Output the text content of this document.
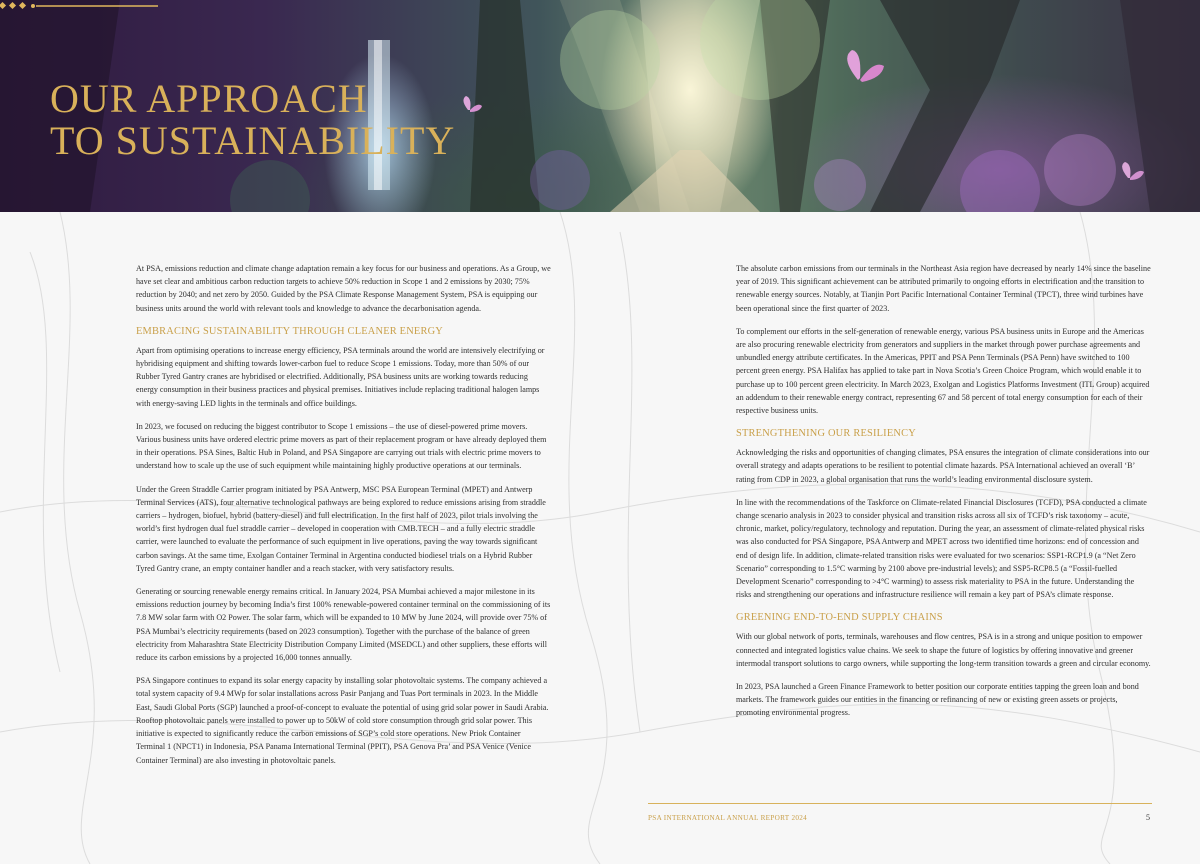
OUR APPROACH
TO SUSTAINABILITY

At PSA, emissions reduction and climate change adaptation remain a key focus for our business and operations. As a Group, we have set clear and ambitious carbon reduction targets to achieve 50% reduction in Scope 1 and 2 emissions by 2030; 75% reduction by 2040; and net zero by 2050. Guided by the PSA Climate Response Management System, PSA is equipping our business units around the world with relevant tools and knowledge to advance the decarbonisation agenda.

EMBRACING SUSTAINABILITY THROUGH CLEANER ENERGY

Apart from optimising operations to increase energy efficiency, PSA terminals around the world are intensively electrifying or hybridising equipment and shifting towards lower-carbon fuel to reduce Scope 1 emissions. Today, more than 50% of our Rubber Tyred Gantry cranes are hybridised or electrified. Additionally, PSA business units are working towards reducing energy consumption in their business practices and physical premises. Initiatives include replacing traditional halogen lamps with energy-saving LED lights in the terminals and office buildings.

In 2023, we focused on reducing the biggest contributor to Scope 1 emissions – the use of diesel-powered prime movers. Various business units have ordered electric prime movers as part of their replacement program or have already deployed them in their operations. PSA Sines, Baltic Hub in Poland, and PSA Singapore are carrying out trials with electric prime movers to understand how to scale up the use of such equipment while maintaining highly productive operations at our terminals.

Under the Green Straddle Carrier program initiated by PSA Antwerp, MSC PSA European Terminal (MPET) and Antwerp Terminal Services (ATS), four alternative technological pathways are being explored to reduce emissions arising from straddle carriers – hydrogen, biofuel, hybrid (battery-diesel) and full electrification. In the first half of 2023, pilot trials involving the world’s first hydrogen dual fuel straddle carrier – developed in cooperation with CMB.TECH – and a fully electric straddle carrier, were launched to evaluate the performance of such equipment in live operations, paving the way towards significant carbon savings. At the same time, Exolgan Container Terminal in Argentina conducted biodiesel trials on a Hybrid Rubber Tyred Gantry crane, an empty container handler and a reach stacker, with very satisfactory results.

Generating or sourcing renewable energy remains critical. In January 2024, PSA Mumbai achieved a major milestone in its emissions reduction journey by becoming India’s first 100% renewable-powered container terminal on the commissioning of its 7.8 MW solar farm with O2 Power. The solar farm, which will be expanded to 10 MW by June 2024, will provide over 75% of PSA Mumbai’s electricity requirements (based on 2023 consumption). Together with the purchase of the balance of green electricity from Maharashtra State Electricity Distribution Company Limited (MSEDCL) and other suppliers, these efforts will reduce its carbon emissions by a projected 16,000 tonnes annually.

PSA Singapore continues to expand its solar energy capacity by installing solar photovoltaic systems. The company achieved a total system capacity of 9.4 MWp for solar installations across Pasir Panjang and Tuas Port terminals in 2023. In the Middle East, Saudi Global Ports (SGP) launched a proof-of-concept to evaluate the potential of using grid solar power in Saudi Arabia. Rooftop photovoltaic panels were installed to power up to 50kW of cold store consumption through grid solar power. This initiative is expected to significantly reduce the carbon emissions of SGP’s cold store operations. New Priok Container Terminal 1 (NPCT1) in Indonesia, PSA Panama International Terminal (PPIT), PSA Genova Pra’ and PSA Venice (Venice Container Terminal) are also investing in photovoltaic panels.

The absolute carbon emissions from our terminals in the Northeast Asia region have decreased by nearly 14% since the baseline year of 2019. This significant achievement can be attributed primarily to ongoing efforts in electrification and the transition to renewable energy sources. Notably, at Tianjin Port Pacific International Container Terminal (TPCT), three wind turbines have been operational since the first quarter of 2023.

To complement our efforts in the self-generation of renewable energy, various PSA business units in Europe and the Americas are also procuring renewable electricity from generators and suppliers in the market through power purchase agreements and unbundled energy attribute certificates. In the Americas, PPIT and PSA Penn Terminals (PSA Penn) have switched to 100 percent green energy. PSA Halifax has applied to take part in Nova Scotia’s Green Choice Program, which would enable it to purchase up to 100 percent green electricity. In March 2023, Exolgan and Logistics Platforms Investment (ITL Group) acquired an addendum to their renewable energy contract, representing 67 and 58 percent of total energy consumption for each of their respective business units.

STRENGTHENING OUR RESILIENCY

Acknowledging the risks and opportunities of changing climates, PSA ensures the integration of climate considerations into our overall strategy and adapts operations to be resilient to potential climate hazards. PSA International achieved an overall ‘B’ rating from CDP in 2023, a global organisation that runs the world’s leading environmental disclosure system.

In line with the recommendations of the Taskforce on Climate-related Financial Disclosures (TCFD), PSA conducted a climate change scenario analysis in 2023 to consider physical and transition risks across all six of TCFD’s risk taxonomy – acute, chronic, market, policy/regulatory, technology and reputation. During the year, an assessment of climate-related physical risks was also conducted for PSA Singapore, PSA Antwerp and MPET across two identified time horizons: end of concession and end of design life. In addition, climate-related transition risks were evaluated for two scenarios: SSP1-RCP1.9 (a “Net Zero Scenario” corresponding to 1.5°C warming by 2100 above pre-industrial levels); and SSP5-RCP8.5 (a “Fossil-fuelled Development Scenario” corresponding to >4°C warming) to assess risk materiality to PSA in the future. Understanding the risks and strengthening our operations and infrastructure resilience will remain a key part of PSA’s climate response.

GREENING END-TO-END SUPPLY CHAINS

With our global network of ports, terminals, warehouses and flow centres, PSA is in a strong and unique position to empower connected and integrated logistics value chains. We seek to shape the future of logistics by offering innovative and greener intermodal transport solutions to cargo owners, while supporting the long-term transition towards a green and circular economy.

In 2023, PSA launched a Green Finance Framework to better position our corporate entities tapping the green loan and bond markets. The framework guides our entities in the financing or refinancing of new or existing green assets or projects, promoting environmental progress.

PSA INTERNATIONAL ANNUAL REPORT 2024	5
